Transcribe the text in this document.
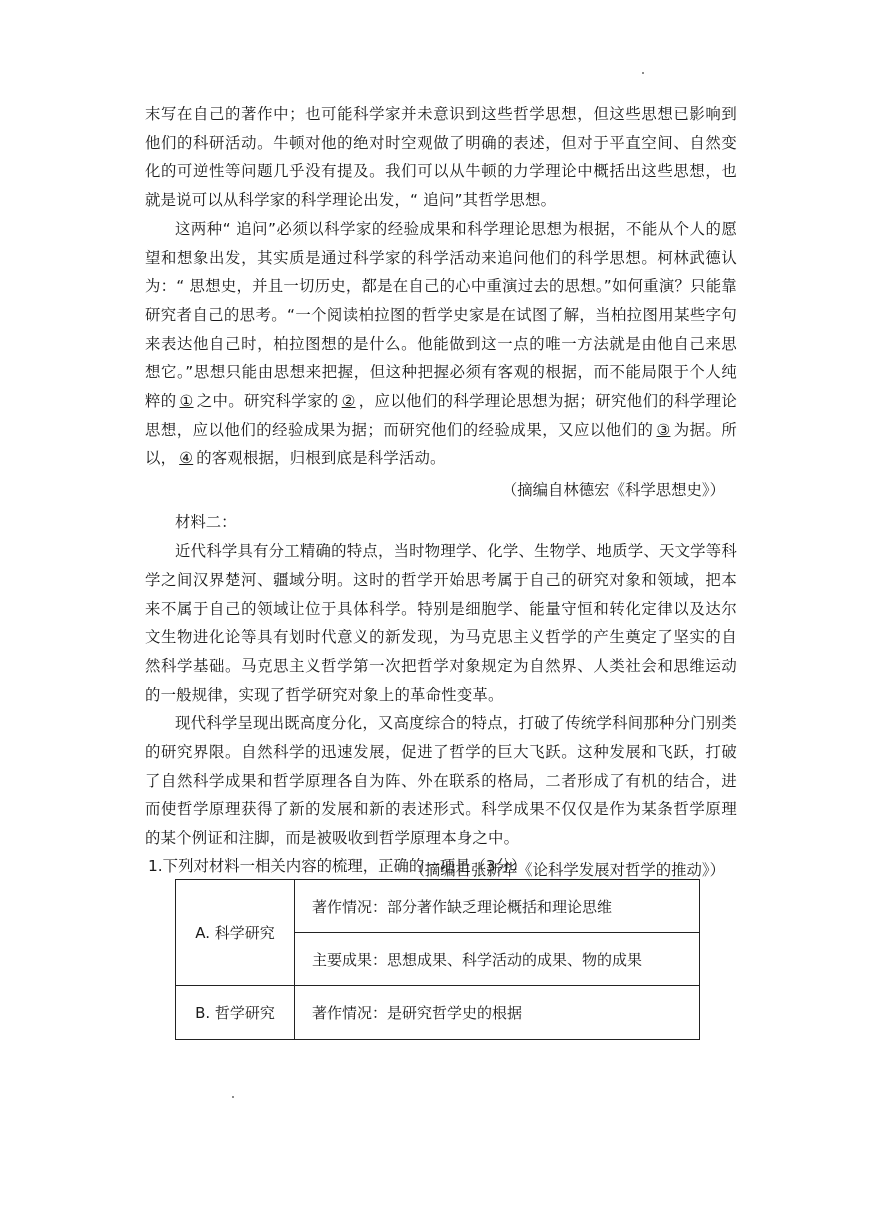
末写在自己的著作中；也可能科学家并未意识到这些哲学思想，但这些思想已影响到他们的科研活动。牛顿对他的绝对时空观做了明确的表述，但对于平直空间、自然变化的可逆性等问题几乎没有提及。我们可以从牛顿的力学理论中概括出这些思想，也就是说可以从科学家的科学理论出发，“ 追问”其哲学思想。

这两种“ 追问”必须以科学家的经验成果和科学理论思想为根据，不能从个人的愿望和想象出发，其实质是通过科学家的科学活动来追问他们的科学思想。柯林武德认为：“ 思想史，并且一切历史，都是在自己的心中重演过去的思想。”如何重演？只能靠研究者自己的思考。“一个阅读柏拉图的哲学史家是在试图了解，当柏拉图用某些字句来表达他自己时，柏拉图想的是什么。他能做到这一点的唯一方法就是由他自己来思想它。”思想只能由思想来把握，但这种把握必须有客观的根据，而不能局限于个人纯粹的 ① 之中。研究科学家的 ② ，应以他们的科学理论思想为据；研究他们的科学理论思想，应以他们的经验成果为据；而研究他们的经验成果，又应以他们的 ③ 为据。所以， ④ 的客观根据，归根到底是科学活动。

（摘编自林德宏《科学思想史》）

材料二：

近代科学具有分工精确的特点，当时物理学、化学、生物学、地质学、天文学等科学之间汉界楚河、疆域分明。这时的哲学开始思考属于自己的研究对象和领域，把本来不属于自己的领域让位于具体科学。特别是细胞学、能量守恒和转化定律以及达尔文生物进化论等具有划时代意义的新发现，为马克思主义哲学的产生奠定了坚实的自然科学基础。马克思主义哲学第一次把哲学对象规定为自然界、人类社会和思维运动的一般规律，实现了哲学研究对象上的革命性变革。

现代科学呈现出既高度分化，又高度综合的特点，打破了传统学科间那种分门别类的研究界限。自然科学的迅速发展，促进了哲学的巨大飞跃。这种发展和飞跃，打破了自然科学成果和哲学原理各自为阵、外在联系的格局，二者形成了有机的结合，进而使哲学原理获得了新的发展和新的表述形式。科学成果不仅仅是作为某条哲学原理的某个例证和注脚，而是被吸收到哲学原理本身之中。

（摘编自张新华《论科学发展对哲学的推动》）

1.下列对材料一相关内容的梳理，正确的一项是（3分）

A. 科学研究	著作情况：部分著作缺乏理论概括和理论思维
	主要成果：思想成果、科学活动的成果、物的成果
B. 哲学研究	著作情况：是研究哲学史的根据
